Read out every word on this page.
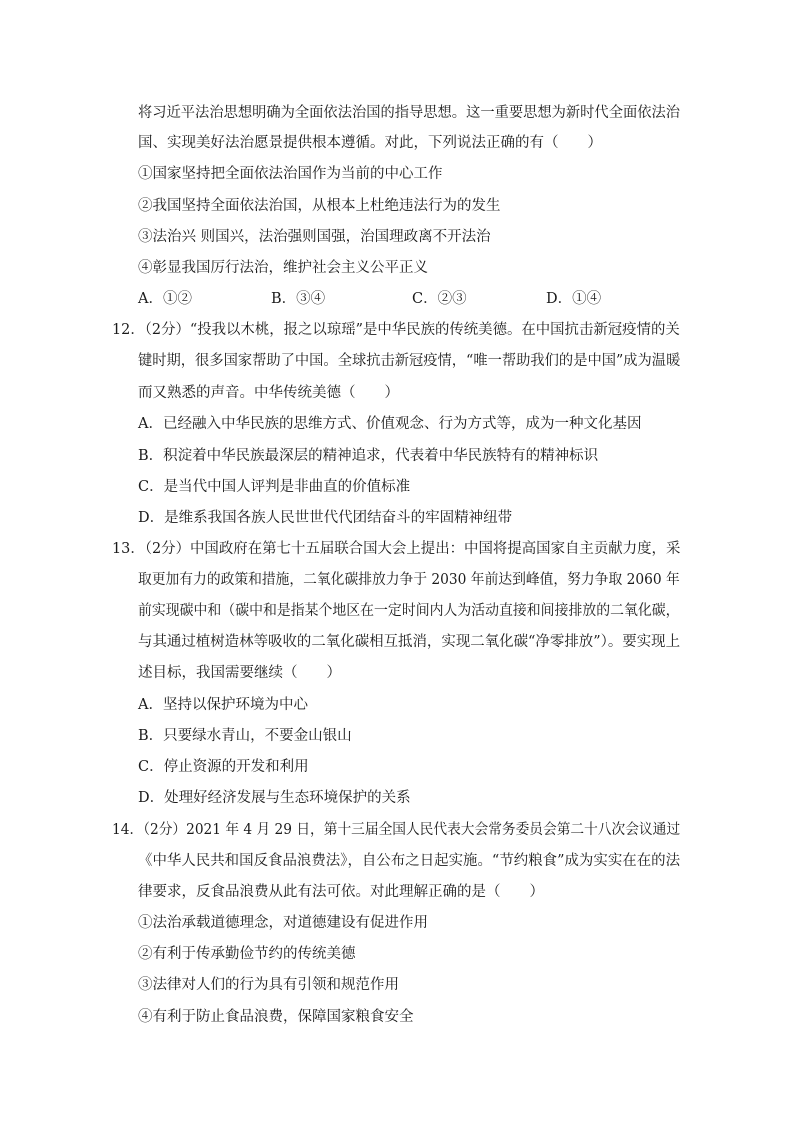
将习近平法治思想明确为全面依法治国的指导思想。这一重要思想为新时代全面依法治
国、实现美好法治愿景提供根本遵循。对此，下列说法正确的有（　　）
①国家坚持把全面依法治国作为当前的中心工作
②我国坚持全面依法治国，从根本上杜绝违法行为的发生
③法治兴 则国兴，法治强则国强，治国理政离不开法治
④彰显我国厉行法治，维护社会主义公平正义
A．①②	B．③④	C．②③	D．①④
12．（2分）“投我以木桃，报之以琼瑶”是中华民族的传统美德。在中国抗击新冠疫情的关
键时期，很多国家帮助了中国。全球抗击新冠疫情，“唯一帮助我们的是中国”成为温暖
而又熟悉的声音。中华传统美德（　　）
A．已经融入中华民族的思维方式、价值观念、行为方式等，成为一种文化基因
B．积淀着中华民族最深层的精神追求，代表着中华民族特有的精神标识
C．是当代中国人评判是非曲直的价值标准
D．是维系我国各族人民世世代代团结奋斗的牢固精神纽带
13．（2分）中国政府在第七十五届联合国大会上提出：中国将提高国家自主贡献力度，采
取更加有力的政策和措施，二氧化碳排放力争于 2030 年前达到峰值，努力争取 2060 年
前实现碳中和（碳中和是指某个地区在一定时间内人为活动直接和间接排放的二氧化碳，
与其通过植树造林等吸收的二氧化碳相互抵消，实现二氧化碳“净零排放”）。要实现上
述目标，我国需要继续（　　）
A．坚持以保护环境为中心
B．只要绿水青山，不要金山银山
C．停止资源的开发和利用
D．处理好经济发展与生态环境保护的关系
14．（2分）2021 年 4 月 29 日，第十三届全国人民代表大会常务委员会第二十八次会议通过
《中华人民共和国反食品浪费法》，自公布之日起实施。“节约粮食”成为实实在在的法
律要求，反食品浪费从此有法可依。对此理解正确的是（　　）
①法治承载道德理念，对道德建设有促进作用
②有利于传承勤俭节约的传统美德
③法律对人们的行为具有引领和规范作用
④有利于防止食品浪费，保障国家粮食安全
